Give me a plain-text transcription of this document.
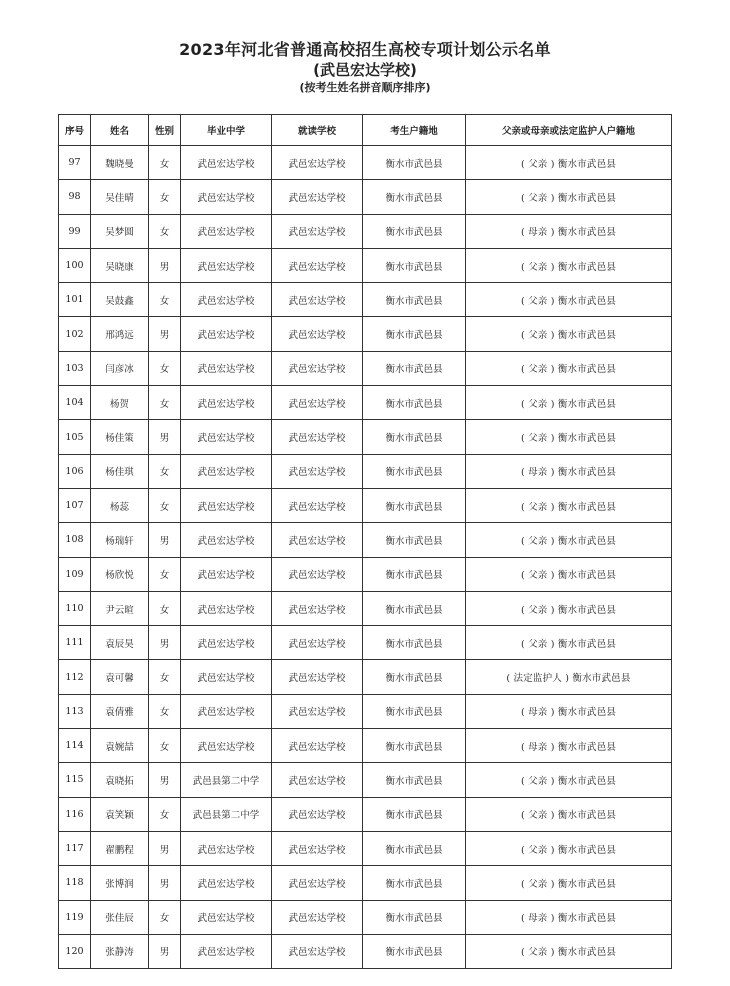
2023年河北省普通高校招生高校专项计划公示名单
(武邑宏达学校)
(按考生姓名拼音顺序排序)
序号	姓名	性别	毕业中学	就读学校	考生户籍地	父亲或母亲或法定监护人户籍地
97	魏晓曼	女	武邑宏达学校	武邑宏达学校	衡水市武邑县	( 父亲 ) 衡水市武邑县
98	吴佳晴	女	武邑宏达学校	武邑宏达学校	衡水市武邑县	( 父亲 ) 衡水市武邑县
99	吴梦圆	女	武邑宏达学校	武邑宏达学校	衡水市武邑县	( 母亲 ) 衡水市武邑县
100	吴晓康	男	武邑宏达学校	武邑宏达学校	衡水市武邑县	( 父亲 ) 衡水市武邑县
101	吴鼓鑫	女	武邑宏达学校	武邑宏达学校	衡水市武邑县	( 父亲 ) 衡水市武邑县
102	邢鸿远	男	武邑宏达学校	武邑宏达学校	衡水市武邑县	( 父亲 ) 衡水市武邑县
103	闫彦冰	女	武邑宏达学校	武邑宏达学校	衡水市武邑县	( 父亲 ) 衡水市武邑县
104	杨贺	女	武邑宏达学校	武邑宏达学校	衡水市武邑县	( 父亲 ) 衡水市武邑县
105	杨佳策	男	武邑宏达学校	武邑宏达学校	衡水市武邑县	( 父亲 ) 衡水市武邑县
106	杨佳琪	女	武邑宏达学校	武邑宏达学校	衡水市武邑县	( 母亲 ) 衡水市武邑县
107	杨蕊	女	武邑宏达学校	武邑宏达学校	衡水市武邑县	( 父亲 ) 衡水市武邑县
108	杨瑞轩	男	武邑宏达学校	武邑宏达学校	衡水市武邑县	( 父亲 ) 衡水市武邑县
109	杨欣悦	女	武邑宏达学校	武邑宏达学校	衡水市武邑县	( 父亲 ) 衡水市武邑县
110	尹云暄	女	武邑宏达学校	武邑宏达学校	衡水市武邑县	( 父亲 ) 衡水市武邑县
111	袁辰昊	男	武邑宏达学校	武邑宏达学校	衡水市武邑县	( 父亲 ) 衡水市武邑县
112	袁可馨	女	武邑宏达学校	武邑宏达学校	衡水市武邑县	( 法定监护人 ) 衡水市武邑县
113	袁倩雅	女	武邑宏达学校	武邑宏达学校	衡水市武邑县	( 母亲 ) 衡水市武邑县
114	袁婉喆	女	武邑宏达学校	武邑宏达学校	衡水市武邑县	( 母亲 ) 衡水市武邑县
115	袁晓拓	男	武邑县第二中学	武邑宏达学校	衡水市武邑县	( 父亲 ) 衡水市武邑县
116	袁笑颖	女	武邑县第二中学	武邑宏达学校	衡水市武邑县	( 父亲 ) 衡水市武邑县
117	翟鹏程	男	武邑宏达学校	武邑宏达学校	衡水市武邑县	( 父亲 ) 衡水市武邑县
118	张博润	男	武邑宏达学校	武邑宏达学校	衡水市武邑县	( 父亲 ) 衡水市武邑县
119	张佳辰	女	武邑宏达学校	武邑宏达学校	衡水市武邑县	( 母亲 ) 衡水市武邑县
120	张静涛	男	武邑宏达学校	武邑宏达学校	衡水市武邑县	( 父亲 ) 衡水市武邑县
